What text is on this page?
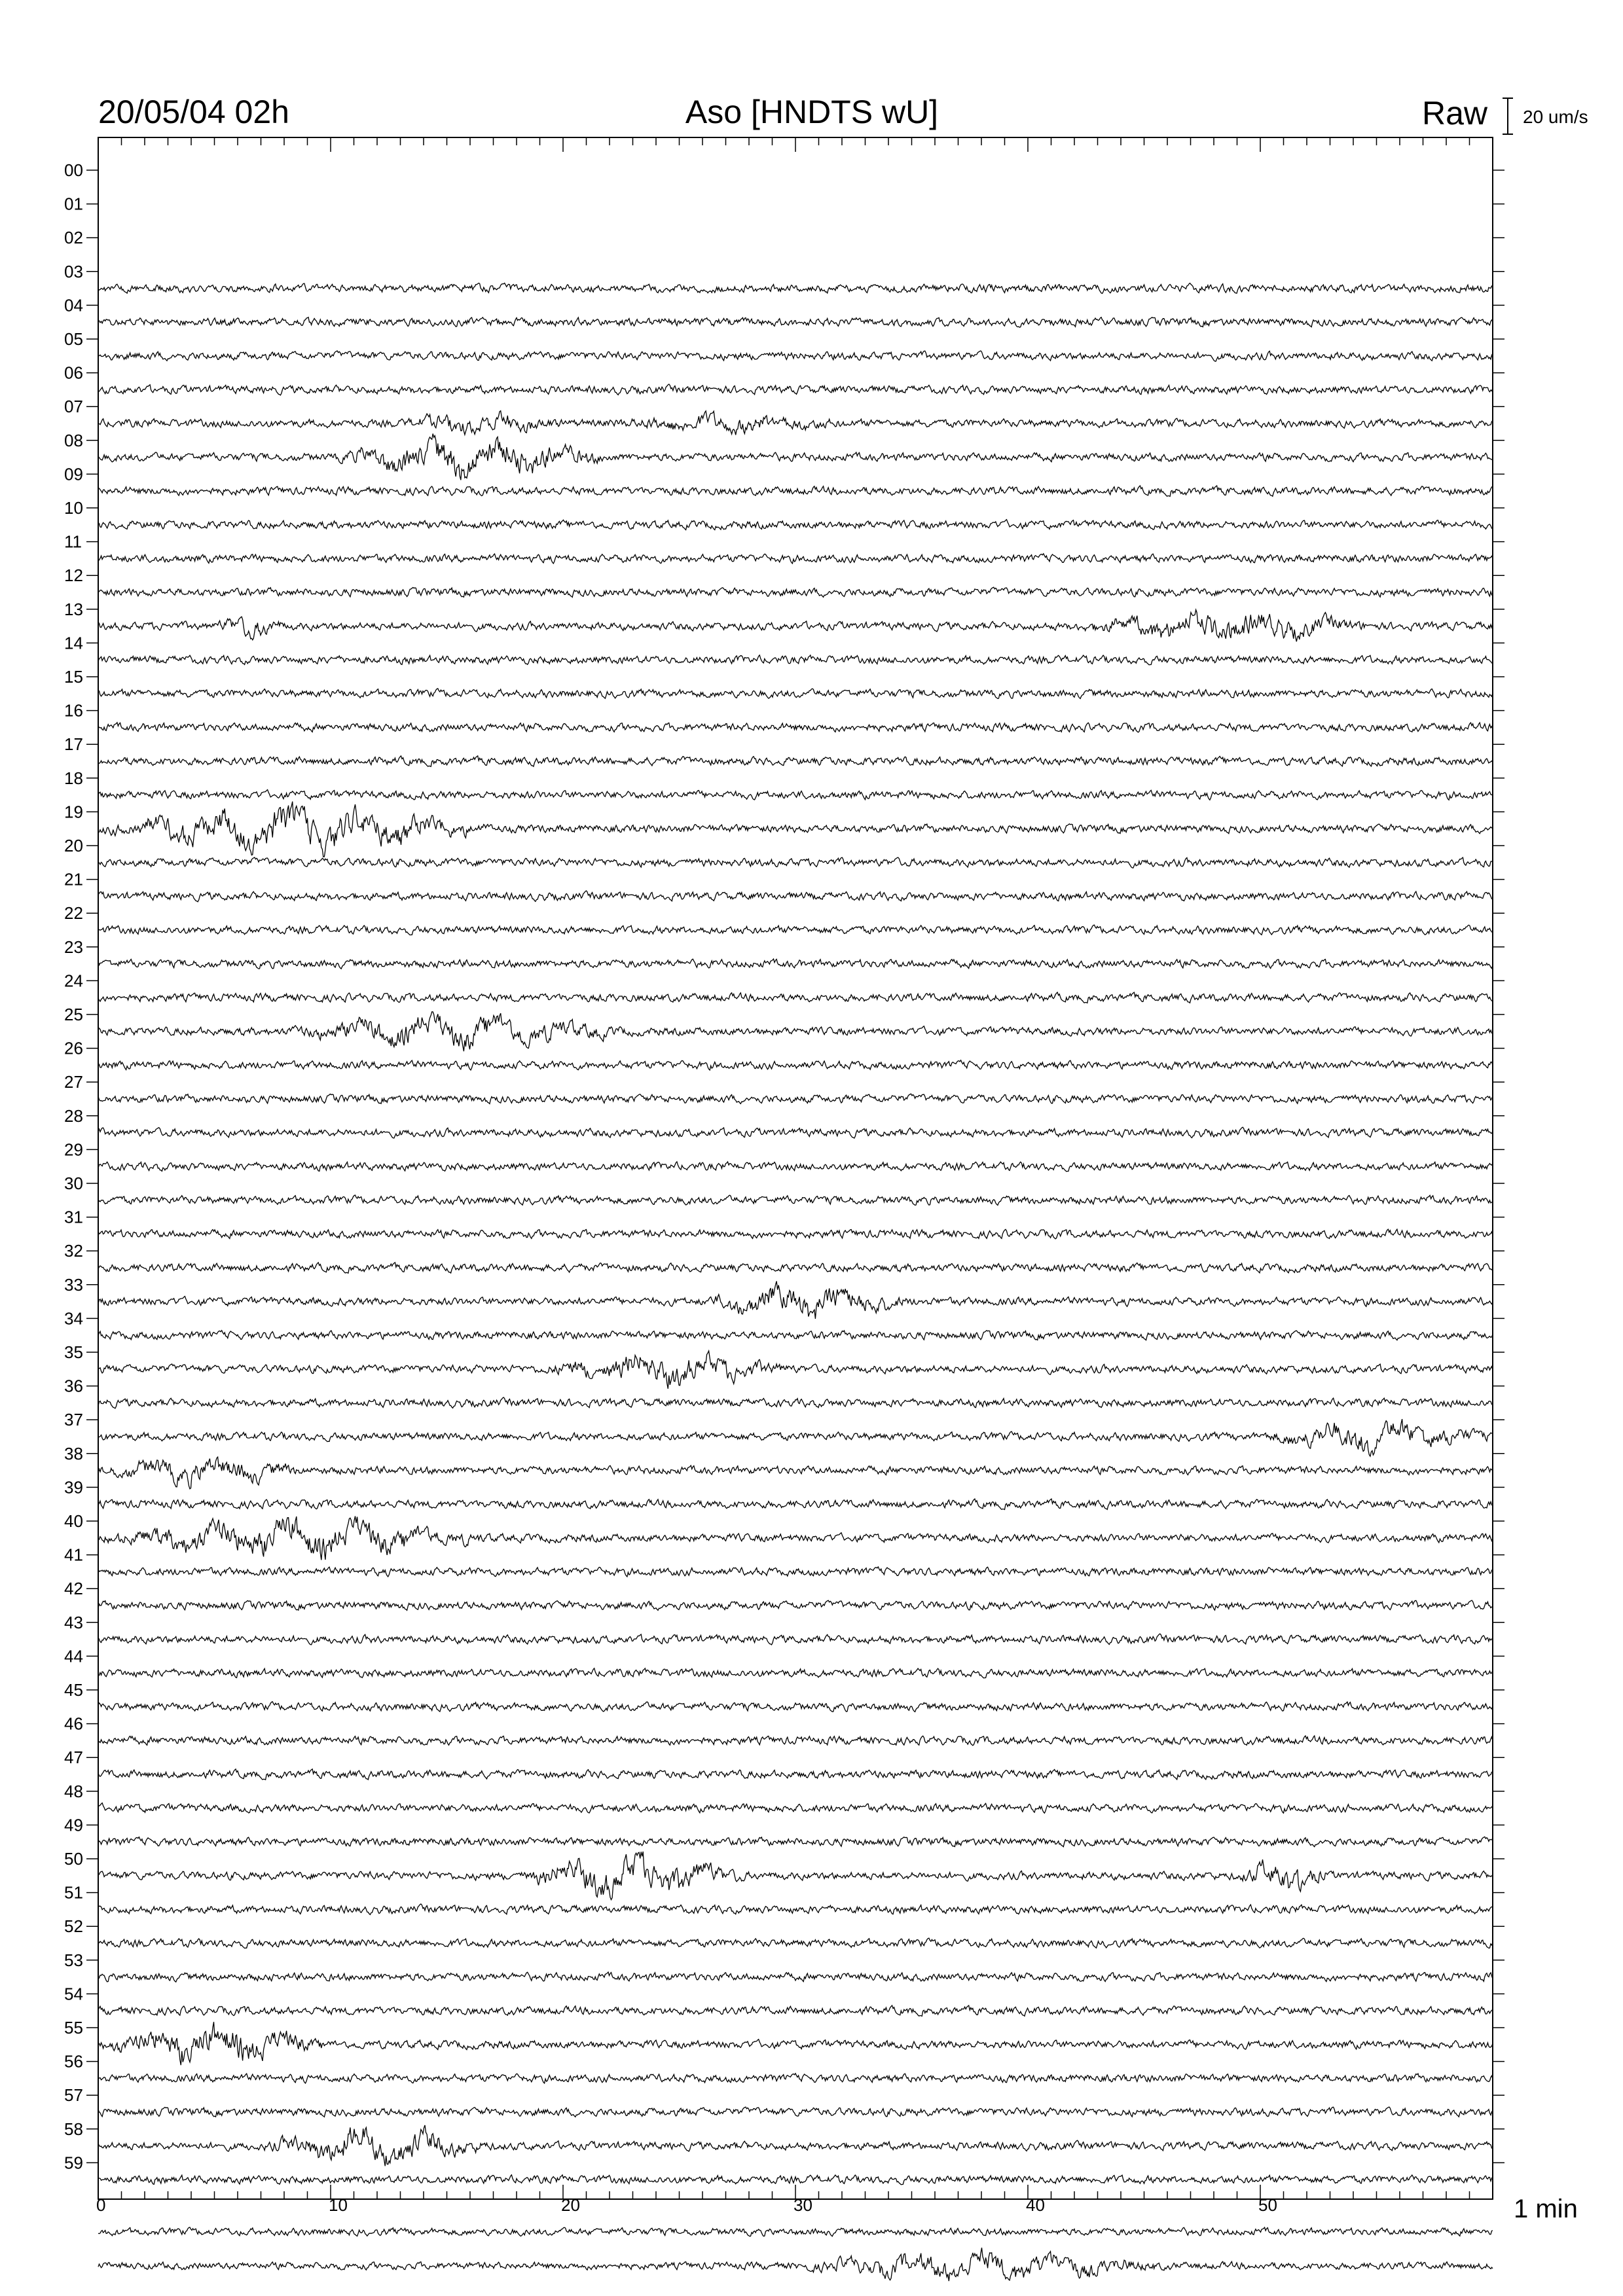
20/05/04 02h	Aso [HNDTS wU]	Raw 20 um/s
00
01
02
03
04
05
06
07
08
09
10
11
12
13
14
15
16
17
18
19
20
21
22
23
24
25
26
27
28
29
30
31
32
33
34
35
36
37
38
39
40
41
42
43
44
45
46
47
48
49
50
51
52
53
54
55
56
57
58
59
0	10	20	30	40	50	1 min
